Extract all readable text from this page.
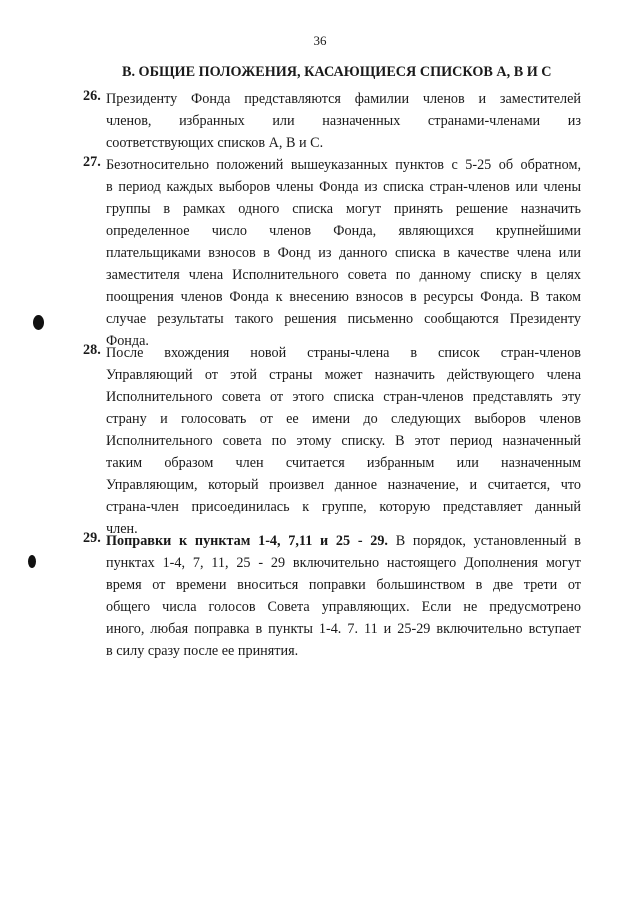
36
В. ОБЩИЕ ПОЛОЖЕНИЯ, КАСАЮЩИЕСЯ СПИСКОВ А, В И С
26. Президенту Фонда представляются фамилии членов и заместителей
членов, избранных или назначенных странами-членами из
соответствующих списков А, В и С.
27. Безотносительно положений вышеуказанных пунктов с 5-25 об обратном,
в период каждых выборов члены Фонда из списка стран-членов или члены
группы в рамках одного списка могут принять решение назначить
определенное число членов Фонда, являющихся крупнейшими
плательщиками взносов в Фонд из данного списка в качестве члена или
заместителя члена Исполнительного совета по данному списку в целях
поощрения членов Фонда к внесению взносов в ресурсы Фонда. В таком
случае результаты такого решения письменно сообщаются Президенту
Фонда.
28. После вхождения новой страны-члена в список стран-членов
Управляющий от этой страны может назначить действующего члена
Исполнительного совета от этого списка стран-членов представлять эту
страну и голосовать от ее имени до следующих выборов членов
Исполнительного совета по этому списку. В этот период назначенный
таким образом член считается избранным или назначенным
Управляющим, который произвел данное назначение, и считается, что
страна-член присоединилась к группе, которую представляет данный
член.
29. Поправки к пунктам 1-4, 7,11 и 25 - 29. В порядок, установленный в
пунктах 1-4, 7, 11, 25 - 29 включительно настоящего Дополнения могут
время от времени вноситься поправки большинством в две трети от
общего числа голосов Совета управляющих. Если не предусмотрено
иного, любая поправка в пункты 1-4. 7. 11 и 25-29 включительно вступает
в силу сразу после ее принятия.
